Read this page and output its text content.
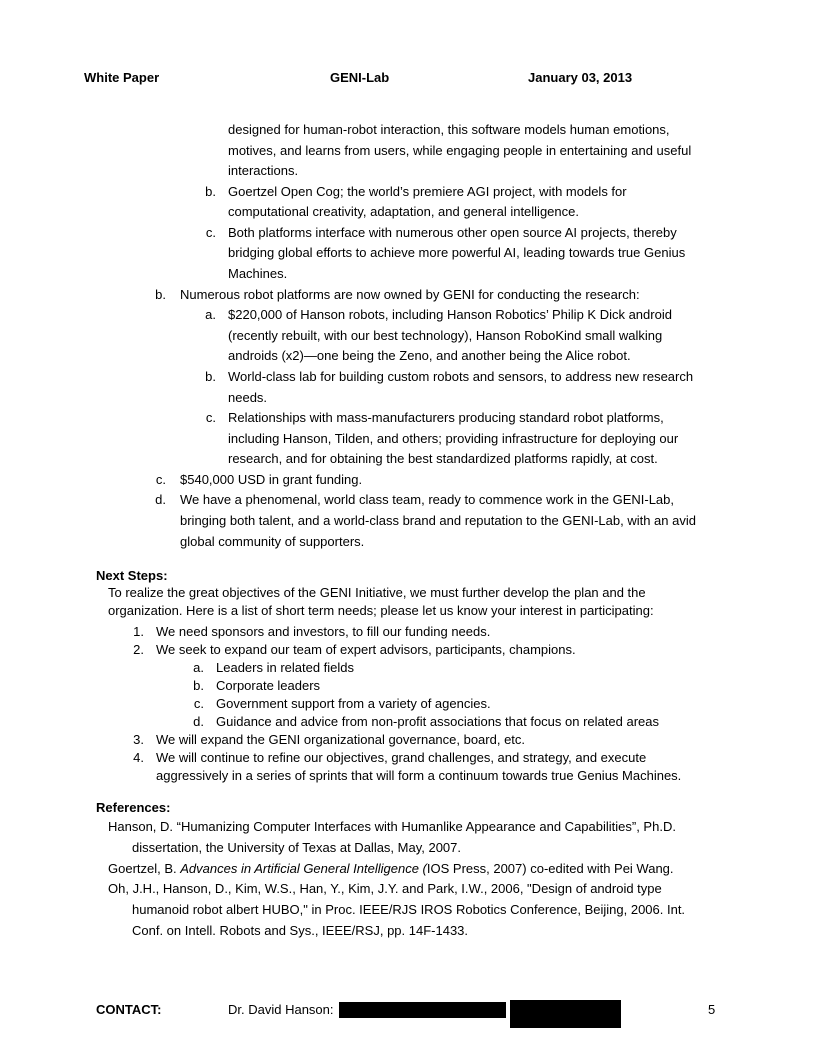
White Paper	GENI-Lab	January 03, 2013
designed for human-robot interaction, this software models human emotions,
motives, and learns from users, while engaging people in entertaining and useful
interactions.
b. Goertzel Open Cog; the world’s premiere AGI project, with models for
computational creativity, adaptation, and general intelligence.
c. Both platforms interface with numerous other open source AI projects, thereby
bridging global efforts to achieve more powerful AI, leading towards true Genius
Machines.
b. Numerous robot platforms are now owned by GENI for conducting the research:
a. $220,000 of Hanson robots, including Hanson Robotics’ Philip K Dick android
(recently rebuilt, with our best technology), Hanson RoboKind small walking
androids (x2)—one being the Zeno, and another being the Alice robot.
b. World-class lab for building custom robots and sensors, to address new research
needs.
c. Relationships with mass-manufacturers producing standard robot platforms,
including Hanson, Tilden, and others; providing infrastructure for deploying our
research, and for obtaining the best standardized platforms rapidly, at cost.
c. $540,000 USD in grant funding.
d. We have a phenomenal, world class team, ready to commence work in the GENI-Lab,
bringing both talent, and a world-class brand and reputation to the GENI-Lab, with an avid
global community of supporters.
Next Steps:
To realize the great objectives of the GENI Initiative, we must further develop the plan and the
organization. Here is a list of short term needs; please let us know your interest in participating:
1. We need sponsors and investors, to fill our funding needs.
2. We seek to expand our team of expert advisors, participants, champions.
a. Leaders in related fields
b. Corporate leaders
c. Government support from a variety of agencies.
d. Guidance and advice from non-profit associations that focus on related areas
3. We will expand the GENI organizational governance, board, etc.
4. We will continue to refine our objectives, grand challenges, and strategy, and execute
aggressively in a series of sprints that will form a continuum towards true Genius Machines.
References:
Hanson, D. “Humanizing Computer Interfaces with Humanlike Appearance and Capabilities”, Ph.D.
dissertation, the University of Texas at Dallas, May, 2007.
Goertzel, B. Advances in Artificial General Intelligence (IOS Press, 2007) co-edited with Pei Wang.
Oh, J.H., Hanson, D., Kim, W.S., Han, Y., Kim, J.Y. and Park, I.W., 2006, "Design of android type
humanoid robot albert HUBO," in Proc. IEEE/RJS IROS Robotics Conference, Beijing, 2006. Int.
Conf. on Intell. Robots and Sys., IEEE/RSJ, pp. 14F-1433.
CONTACT:	Dr. David Hanson:	5
